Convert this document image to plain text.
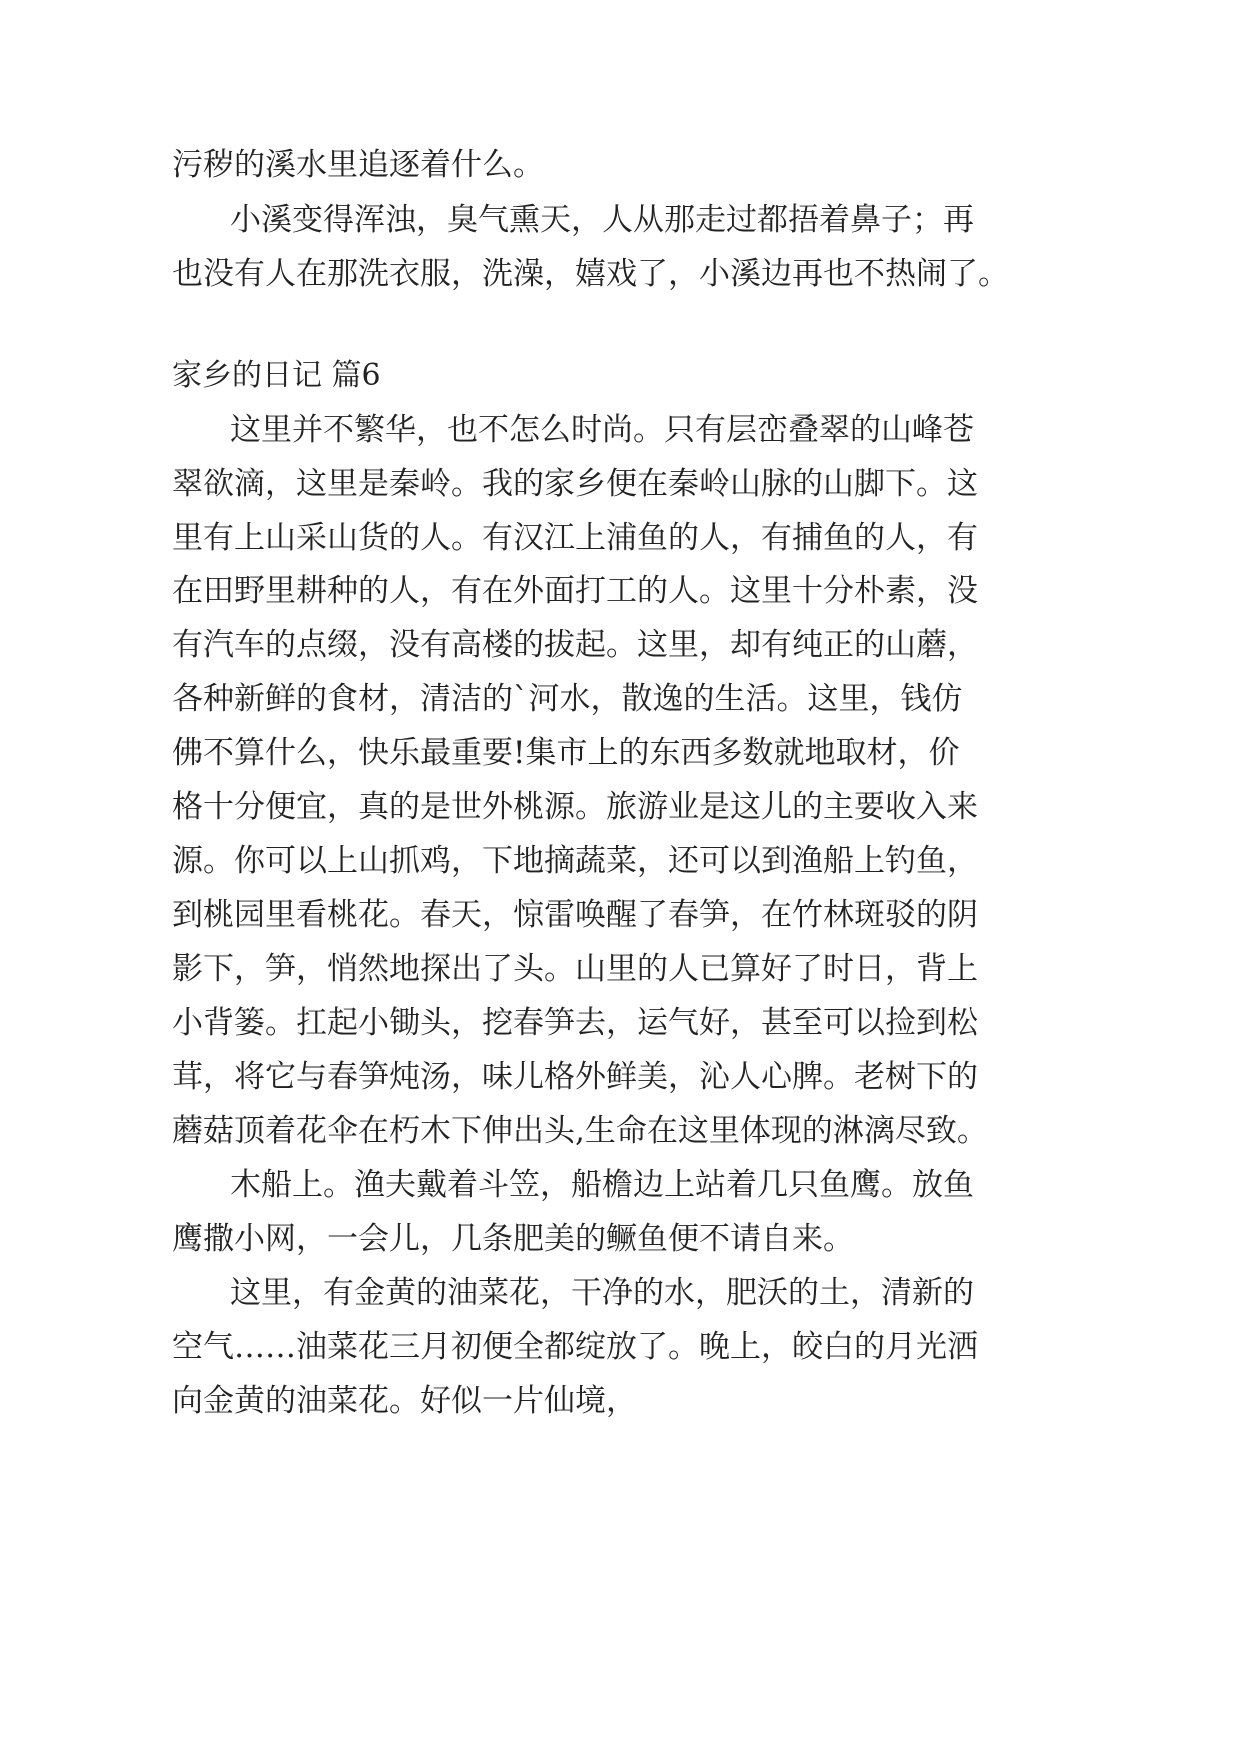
污秽的溪水里追逐着什么。
小溪变得浑浊，臭气熏天，人从那走过都捂着鼻子；再
也没有人在那洗衣服，洗澡，嬉戏了，小溪边再也不热闹了。
家乡的日记 篇6
这里并不繁华，也不怎么时尚。只有层峦叠翠的山峰苍
翠欲滴，这里是秦岭。我的家乡便在秦岭山脉的山脚下。这
里有上山采山货的人。有汉江上浦鱼的人，有捕鱼的人，有
在田野里耕种的人，有在外面打工的人。这里十分朴素，没
有汽车的点缀，没有高楼的拔起。这里，却有纯正的山蘑，
各种新鲜的食材，清洁的`河水，散逸的生活。这里，钱仿
佛不算什么，快乐最重要!集市上的东西多数就地取材，价
格十分便宜，真的是世外桃源。旅游业是这儿的主要收入来
源。你可以上山抓鸡，下地摘蔬菜，还可以到渔船上钓鱼，
到桃园里看桃花。春天，惊雷唤醒了春笋，在竹林斑驳的阴
影下，笋，悄然地探出了头。山里的人已算好了时日，背上
小背篓。扛起小锄头，挖春笋去，运气好，甚至可以捡到松
茸，将它与春笋炖汤，味儿格外鲜美，沁人心脾。老树下的
蘑菇顶着花伞在朽木下伸出头,生命在这里体现的淋漓尽致。
木船上。渔夫戴着斗笠，船檐边上站着几只鱼鹰。放鱼
鹰撒小网，一会儿，几条肥美的鳜鱼便不请自来。
这里，有金黄的油菜花，干净的水，肥沃的土，清新的
空气……油菜花三月初便全都绽放了。晚上，皎白的月光洒
向金黄的油菜花。好似一片仙境，
